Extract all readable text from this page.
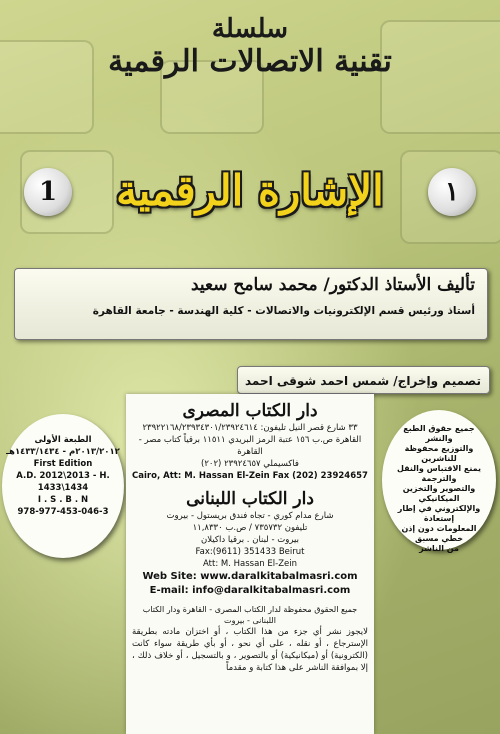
سلسلة
تقنية الاتصالات الرقمية
١
الإشارة الرقمية
1
تأليف الأستاذ الدكتور/ محمد سامح سعيد
أستاذ ورئيس قسم الإلكترونيات والاتصالات - كلية الهندسة - جامعة القاهرة
تصميم وإخراج/ شمس احمد شوقى احمد
الطبعة الأولى
٢٠١٣/٢٠١٢م - ١٤٣٣/١٤٣٤هـ
First Edition
A.D. 2012\2013 - H. 1433\1434
I . S . B . N
978-977-453-046-3
جميع حقوق الطبع والنشر
والتوزيع محفوظة للناشرين
يمنع الاقتباس والنقل والترجمة
والتصوير والتخزين الميكانيكي
والإلكتروني في إطار إستعادة
المعلومات دون إذن خطي مسبق
من الناشر
دار الكتاب المصرى
٣٣ شارع قصر النيل تليفون: ٢٣٩٢٢١٦٨/٢٣٩٣٤٣٠١/٢٣٩٢٤٦١٤
القاهرة ص.ب ١٥٦ عتبة الرمز البريدي ١١٥١١ برقياً كتاب مصر - القاهرة
فاكسيملي ٢٣٩٢٤٦٥٧ (٢٠٢)
Cairo, Att: M. Hassan El-Zein Fax (202) 23924657
دار الكتاب اللبنانى
شارع مدام كوري - تجاه فندق بريستول - بيروت
تليفون ٧٣٥٧٣٢ / ص.ب ١١,٨٣٣٠
بيروت - لبنان . برقيا داكيلان
Fax:(9611) 351433 Beirut
Att: M. Hassan El-Zein
Web Site: www.daralkitabalmasri.com
E-mail: info@daralkitabalmasri.com
جميع الحقوق محفوظة لدار الكتاب المصرى - القاهرة ودار الكتاب اللبنانى - بيروت
لايجوز نشر أي جزء من هذا الكتاب ، أو اختزان مادته بطريقة الإسترجاع ، أو نقله ، على أي نحو ، أو بأي طريقة سواء كانت (الكترونية) أو (ميكانيكية) أو بالتصوير ، و بالتسجيل ، أو خلاف ذلك ، إلا بموافقة الناشر على هذا كتابة و مقدماً
